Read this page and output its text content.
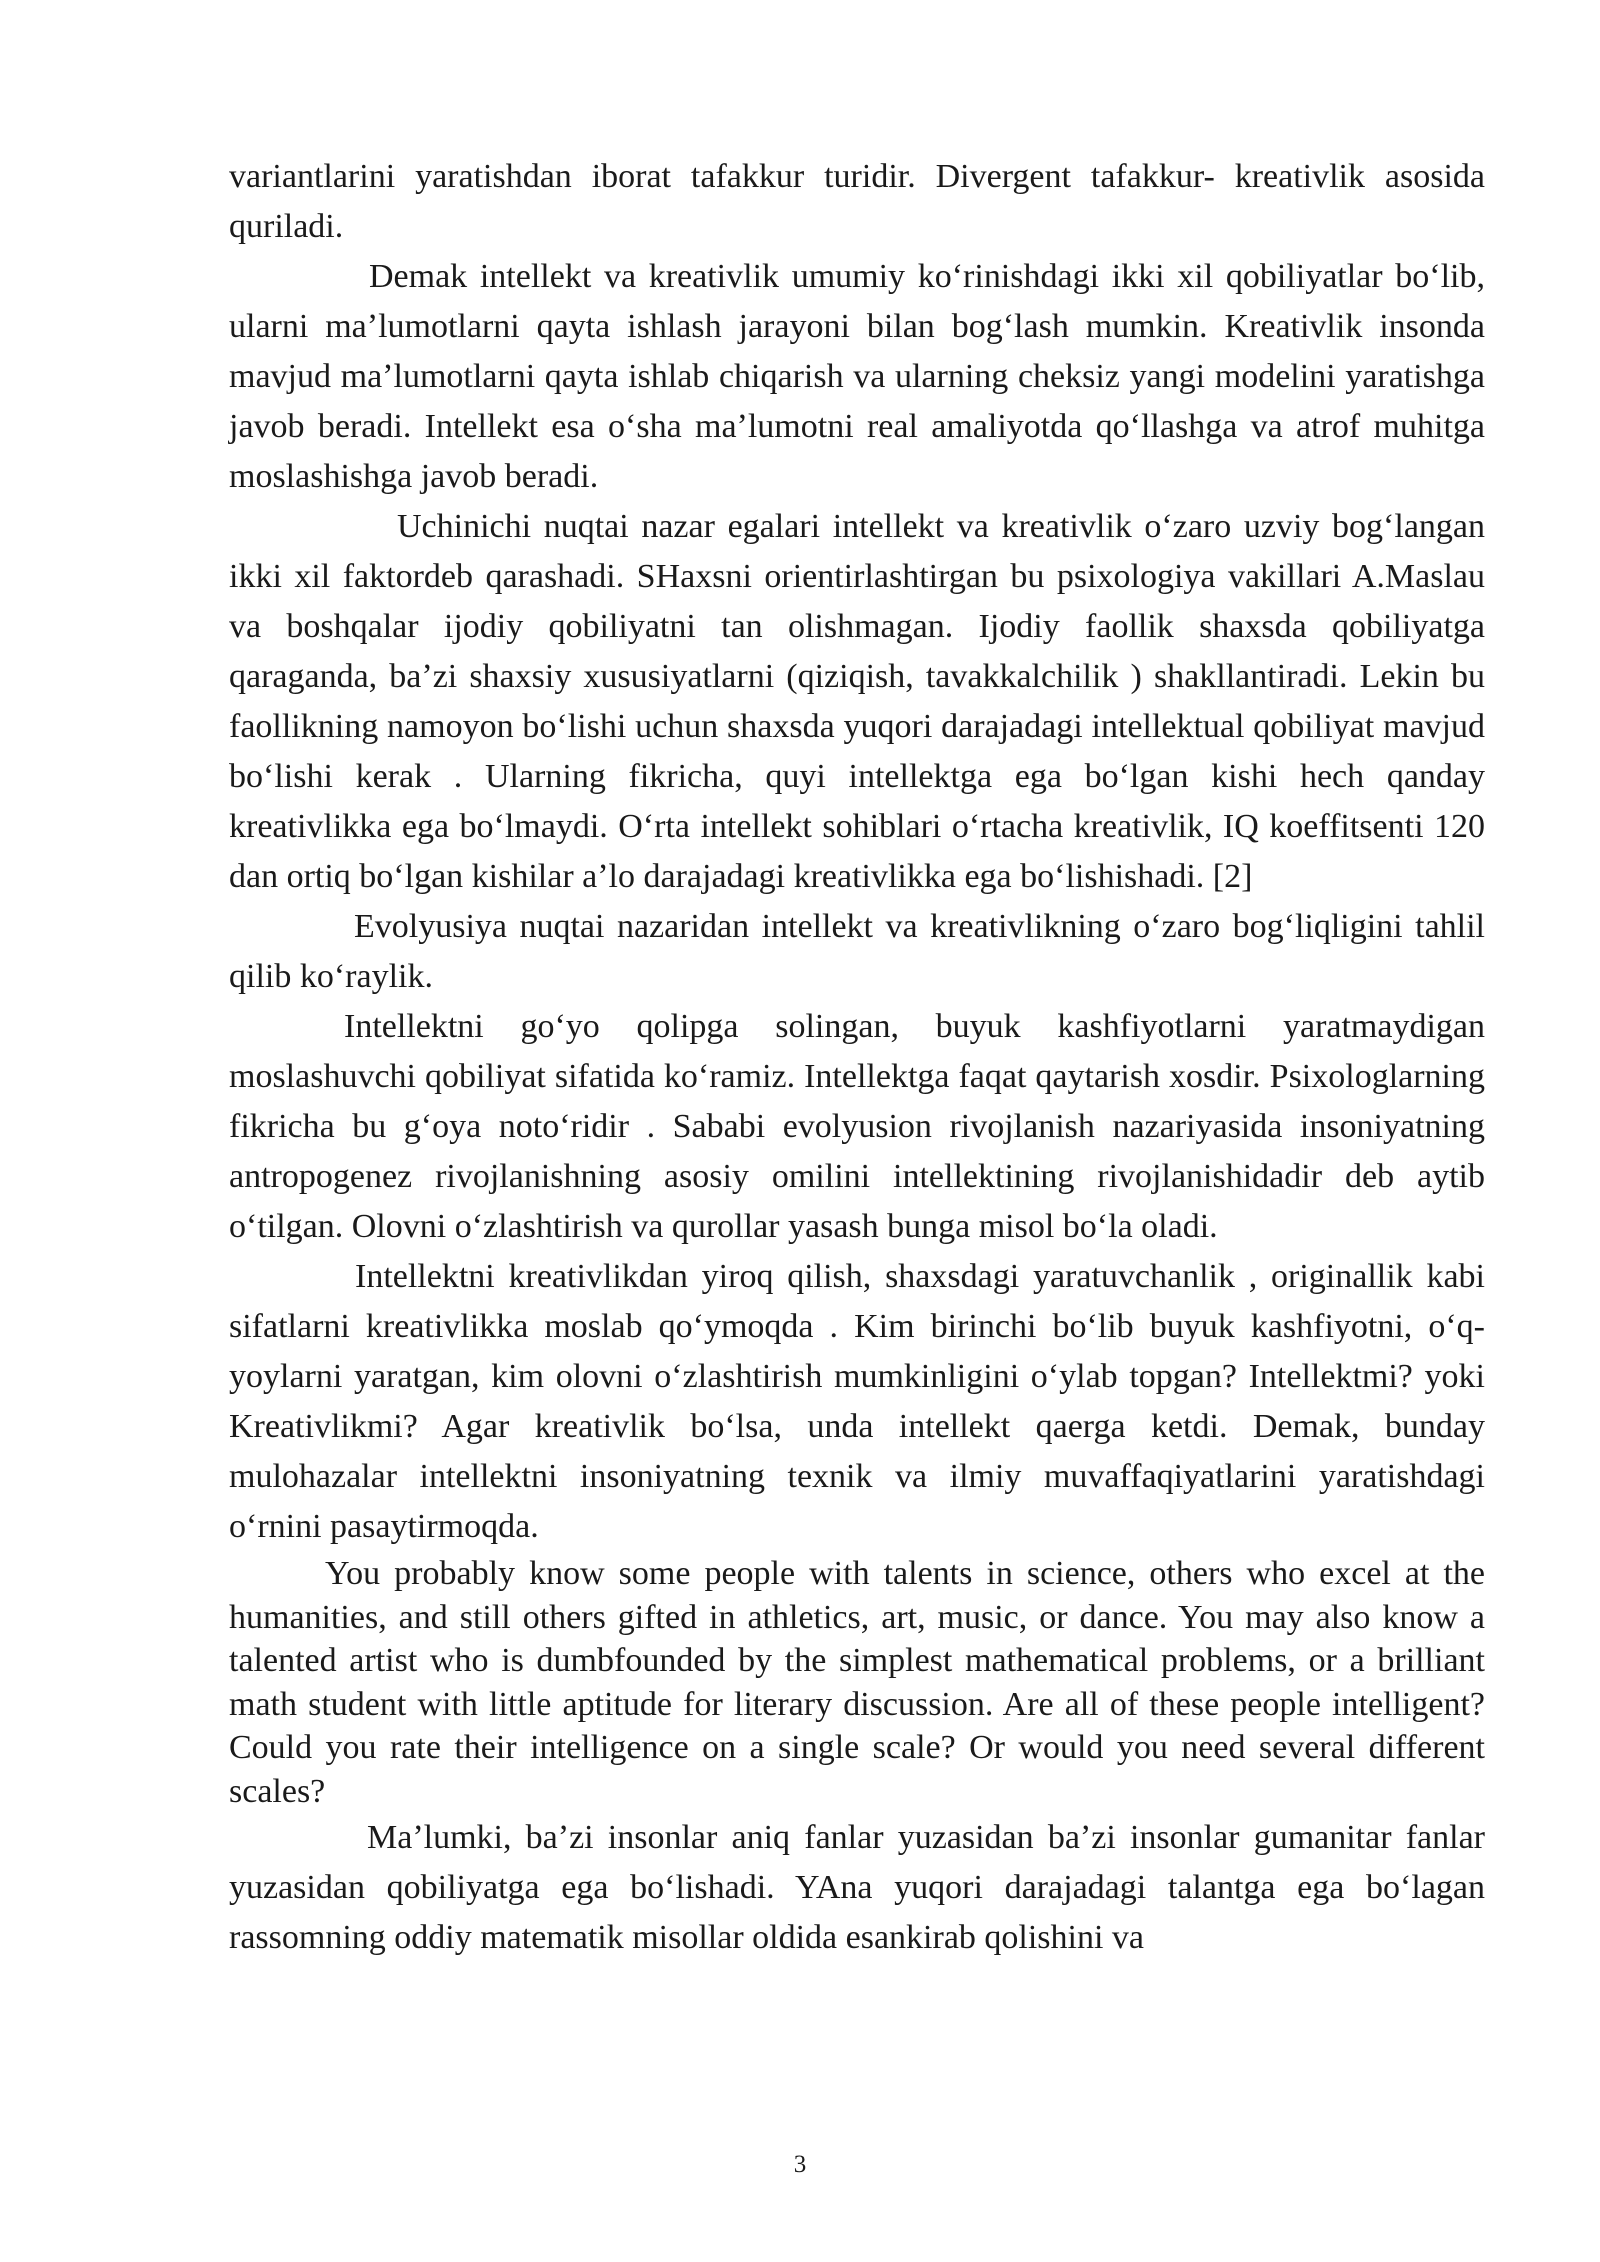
variantlarini yaratishdan iborat tafakkur turidir. Divergent tafakkur- kreativlik asosida quriladi.

Demak intellekt va kreativlik umumiy koʻrinishdagi ikki xil qobiliyatlar boʻlib, ularni maʼlumotlarni qayta ishlash jarayoni bilan bogʻlash mumkin. Kreativlik insonda mavjud maʼlumotlarni qayta ishlab chiqarish va ularning cheksiz yangi modelini yaratishga javob beradi. Intellekt esa oʻsha maʼlumotni real amaliyotda qoʻllashga va atrof muhitga moslashishga javob beradi.

Uchinichi nuqtai nazar egalari intellekt va kreativlik oʻzaro uzviy bogʻlangan ikki xil faktordeb qarashadi. SHaxsni orientirlashtirgan bu psixologiya vakillari A.Maslau va boshqalar ijodiy qobiliyatni tan olishmagan. Ijodiy faollik shaxsda qobiliyatga qaraganda, baʼzi shaxsiy xususiyatlarni (qiziqish, tavakkalchilik ) shakllantiradi. Lekin bu faollikning namoyon boʻlishi uchun shaxsda yuqori darajadagi intellektual qobiliyat mavjud boʻlishi kerak . Ularning fikricha, quyi intellektga ega boʻlgan kishi hech qanday kreativlikka ega boʻlmaydi. Oʻrta intellekt sohiblari oʻrtacha kreativlik, IQ koeffitsenti 120 dan ortiq boʻlgan kishilar aʼlo darajadagi kreativlikka ega boʻlishishadi. [2]

Evolyusiya nuqtai nazaridan intellekt va kreativlikning oʻzaro bogʻliqligini tahlil qilib koʻraylik.

Intellektni goʻyo qolipga solingan, buyuk kashfiyotlarni yaratmaydigan moslashuvchi qobiliyat sifatida koʻramiz. Intellektga faqat qaytarish xosdir. Psixologlarning fikricha bu gʻoya notoʻridir . Sababi evolyusion rivojlanish nazariyasida insoniyatning antropogenez rivojlanishning asosiy omilini intellektining rivojlanishidadir deb aytib oʻtilgan. Olovni oʻzlashtirish va qurollar yasash bunga misol boʻla oladi.

Intellektni kreativlikdan yiroq qilish, shaxsdagi yaratuvchanlik , originallik kabi sifatlarni kreativlikka moslab qoʻymoqda . Kim birinchi boʻlib buyuk kashfiyotni, oʻq-yoylarni yaratgan, kim olovni oʻzlashtirish mumkinligini oʻylab topgan? Intellektmi? yoki Kreativlikmi? Agar kreativlik boʻlsa, unda intellekt qaerga ketdi. Demak, bunday mulohazalar intellektni insoniyatning texnik va ilmiy muvaffaqiyatlarini yaratishdagi oʻrnini pasaytirmoqda.

You probably know some people with talents in science, others who excel at the humanities, and still others gifted in athletics, art, music, or dance. You may also know a talented artist who is dumbfounded by the simplest mathematical problems, or a brilliant math student with little aptitude for literary discussion. Are all of these people intelligent? Could you rate their intelligence on a single scale? Or would you need several different scales?

Maʼlumki, baʼzi insonlar aniq fanlar yuzasidan baʼzi insonlar gumanitar fanlar yuzasidan qobiliyatga ega boʻlishadi. YAna yuqori darajadagi talantga ega boʻlagan rassomning oddiy matematik misollar oldida esankirab qolishini va

3
